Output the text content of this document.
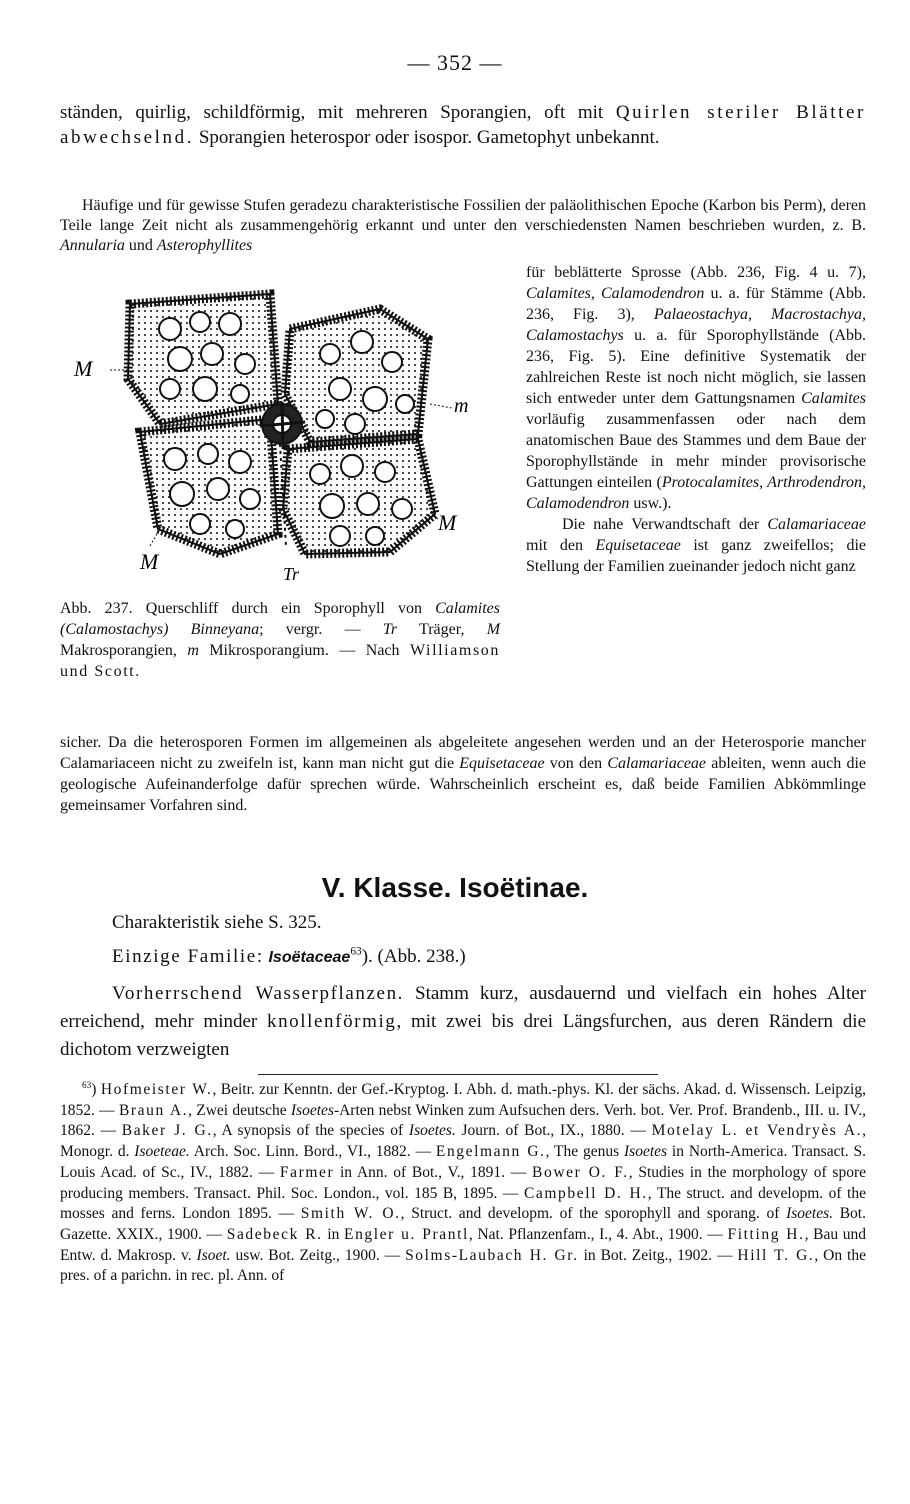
— 352 —
ständen, quirlig, schildförmig, mit mehreren Sporangien, oft mit Quirlen steriler Blätter abwechselnd. Sporangien heterospor oder isospor. Gametophyt unbekannt.
Häufige und für gewisse Stufen geradezu charakteristische Fossilien der paläolithischen Epoche (Karbon bis Perm), deren Teile lange Zeit nicht als zusammengehörig erkannt und unter den verschiedensten Namen beschrieben wurden, z. B. Annularia und Asterophyllites

für beblätterte Sprosse (Abb. 236, Fig. 4 u. 7), Calamites, Calamodendron u. a. für Stämme (Abb. 236, Fig. 3), Palaeostachya, Macrostachya, Calamostachys u. a. für Sporophyllstände (Abb. 236, Fig. 5). Eine definitive Systematik der zahlreichen Reste ist noch nicht möglich, sie lassen sich entweder unter dem Gattungsnamen Calamites vorläufig zusammenfassen oder nach dem anatomischen Baue des Stammes und dem Baue der Sporophyllstände in mehr minder provisorische Gattungen einteilen (Protocalamites, Arthrodendron, Calamodendron usw.).

Die nahe Verwandtschaft der Calamariaceae mit den Equisetaceae ist ganz zweifellos; die Stellung der Familien zueinander jedoch nicht ganz

M
m
M
M	Tr
Abb. 237. Querschliff durch ein Sporophyll von Calamites (Calamostachys) Binneyana; vergr. — Tr Träger, M Makrosporangien, m Mikrosporangium. — Nach Williamson und Scott.
sicher. Da die heterosporen Formen im allgemeinen als abgeleitete angesehen werden und an der Heterosporie mancher Calamariaceen nicht zu zweifeln ist, kann man nicht gut die Equisetaceae von den Calamariaceae ableiten, wenn auch die geologische Aufeinanderfolge dafür sprechen würde. Wahrscheinlich erscheint es, daß beide Familien Abkömmlinge gemeinsamer Vorfahren sind.
V. Klasse. Isoëtinae.
Charakteristik siehe S. 325.
Einzige Familie: Isoëtaceae$^{63}$). (Abb. 238.)
Vorherrschend Wasserpflanzen. Stamm kurz, ausdauernd und vielfach ein hohes Alter erreichend, mehr minder knollenförmig, mit zwei bis drei Längsfurchen, aus deren Rändern die dichotom verzweigten
$^{63}$) Hofmeister W., Beitr. zur Kenntn. der Gef.-Kryptog. I. Abh. d. math.-phys. Kl. der sächs. Akad. d. Wissensch. Leipzig, 1852. — Braun A., Zwei deutsche Isoetes-Arten nebst Winken zum Aufsuchen ders. Verh. bot. Ver. Prof. Brandenb., III. u. IV., 1862. — Baker J. G., A synopsis of the species of Isoetes. Journ. of Bot., IX., 1880. — Motelay L. et Vendryès A., Monogr. d. Isoeteae. Arch. Soc. Linn. Bord., VI., 1882. — Engelmann G., The genus Isoetes in North-America. Transact. S. Louis Acad. of Sc., IV., 1882. — Farmer in Ann. of Bot., V., 1891. — Bower O. F., Studies in the morphology of spore producing members. Transact. Phil. Soc. London., vol. 185 B, 1895. — Campbell D. H., The struct. and developm. of the mosses and ferns. London 1895. — Smith W. O., Struct. and developm. of the sporophyll and sporang. of Isoetes. Bot. Gazette. XXIX., 1900. — Sadebeck R. in Engler u. Prantl, Nat. Pflanzenfam., I., 4. Abt., 1900. — Fitting H., Bau und Entw. d. Makrosp. v. Isoet. usw. Bot. Zeitg., 1900. — Solms-Laubach H. Gr. in Bot. Zeitg., 1902. — Hill T. G., On the pres. of a parichn. in rec. pl. Ann. of
